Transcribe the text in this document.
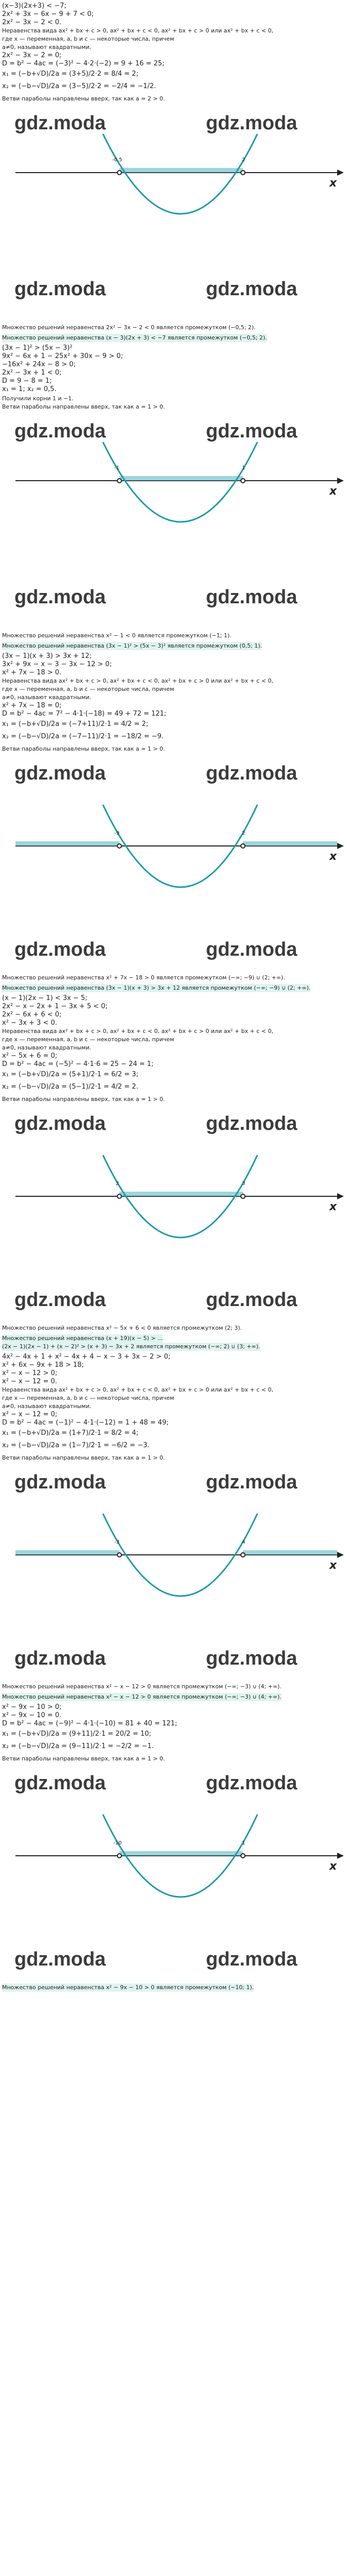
(x−3)(2x+3) < −7;
2x² + 3x − 6x − 9 + 7 < 0;
2x² − 3x − 2 < 0.
Неравенства вида ax² + bx + c > 0, ax² + bx + c < 0, ax² + bx + c > 0 или ax² + bx + c < 0,
где x — переменная, а, b и c — некоторые числа, причем
а≠0, называют квадратными.
2x² − 3x − 2 = 0;
D = b² − 4ac = (−3)² − 4·2·(−2) = 9 + 16 = 25;
x₁ = (−b+√D)/2a = (3+5)/2·2 = 8/4 = 2;
x₂ = (−b−√D)/2a = (3−5)/2·2 = −2/4 = −1/2.
Ветви параболы направлены вверх, так как a = 2 > 0.
gdz.moda	gdz.moda
-0,5	2
x
gdz.moda	gdz.moda
Множество решений неравенства 2x² − 3x − 2 < 0 является промежутком (−0,5; 2).
Множество решений неравенства (x − 3)(2x + 3) < −7 является промежутком (−0,5; 2).
(3x − 1)² > (5x − 3)²
9x² − 6x + 1 − 25x² + 30x − 9 > 0;
−16x² + 24x − 8 > 0;
2x² − 3x + 1 < 0;
D = 9 − 8 = 1;
x₁ = 1; x₂ = 0,5.
Получили корни 1 и −1.
Ветви параболы направлены вверх, так как a = 1 > 0.
gdz.moda	gdz.moda
-1	1
x
gdz.moda	gdz.moda
Множество решений неравенства x² − 1 < 0 является промежутком (−1; 1).
Множество решений неравенства (3x − 1)² > (5x − 3)² является промежутком (0,5; 1).
(3x − 1)(x + 3) > 3x + 12;
3x² + 9x − x − 3 − 3x − 12 > 0;
x² + 7x − 18 > 0.
Неравенства вида ax² + bx + c > 0, ax² + bx + c < 0, ax² + bx + c > 0 или ax² + bx + c < 0,
где x — переменная, а, b и c — некоторые числа, причем
а≠0, называют квадратными.
x² + 7x − 18 = 0;
D = b² − 4ac = 7² − 4·1·(−18) = 49 + 72 = 121;
x₁ = (−b+√D)/2a = (−7+11)/2·1 = 4/2 = 2;
x₂ = (−b−√D)/2a = (−7−11)/2·1 = −18/2 = −9.
Ветви параболы направлены вверх, так как a = 1 > 0.
gdz.moda	gdz.moda
-9	2
x
gdz.moda	gdz.moda
Множество решений неравенства x² + 7x − 18 > 0 является промежутком (−∞; −9) ∪ (2; +∞).
Множество решений неравенства (3x − 1)(x + 3) > 3x + 12 является промежутком (−∞; −9) ∪ (2; +∞).
(x − 1)(2x − 1) < 3x − 5;
2x² − x − 2x + 1 − 3x + 5 < 0;
2x² − 6x + 6 < 0;
x² − 3x + 3 < 0.
Неравенства вида ax² + bx + c > 0, ax² + bx + c < 0, ax² + bx + c > 0 или ax² + bx + c < 0,
где x — переменная, а, b и c — некоторые числа, причем
а≠0, называют квадратными.
x² − 5x + 6 = 0;
D = b² − 4ac = (−5)² − 4·1·6 = 25 − 24 = 1;
x₁ = (−b+√D)/2a = (5+1)/2·1 = 6/2 = 3;
x₂ = (−b−√D)/2a = (5−1)/2·1 = 4/2 = 2.
Ветви параболы направлены вверх, так как a = 1 > 0.
gdz.moda	gdz.moda
2	3
x
gdz.moda	gdz.moda
Множество решений неравенства x² − 5x + 6 < 0 является промежутком (2; 3).
Множество решений неравенства (x + 19)(x − 5) > ...
(2x − 1)(2x − 1) + (x − 2)² > (x + 3) − 3x + 2 является промежутком (−∞; 2) ∪ (3; +∞).
4x² − 4x + 1 + x² − 4x + 4 − x − 3 + 3x − 2 > 0;
x² + 6x − 9x + 18 > 18;
x² − x − 12 > 0;
x² − x − 12 = 0.
Неравенства вида ax² + bx + c > 0, ax² + bx + c < 0, ax² + bx + c > 0 или ax² + bx + c < 0,
где x — переменная, а, b и c — некоторые числа, причем
а≠0, называют квадратными.
x² − x − 12 = 0;
D = b² − 4ac = (−1)² − 4·1·(−12) = 1 + 48 = 49;
x₁ = (−b+√D)/2a = (1+7)/2·1 = 8/2 = 4;
x₂ = (−b−√D)/2a = (1−7)/2·1 = −6/2 = −3.
Ветви параболы направлены вверх, так как a = 1 > 0.
gdz.moda	gdz.moda
-3	4
x
gdz.moda	gdz.moda
Множество решений неравенства x² − x − 12 > 0 является промежутком (−∞; −3) ∪ (4; +∞).
Множество решений неравенства x² − x − 12 > 0 является промежутком (−∞; −3) ∪ (4; +∞).
x² − 9x − 10 > 0;
x² − 9x − 10 = 0.
D = b² − 4ac = (−9)² − 4·1·(−10) = 81 + 40 = 121;
x₁ = (−b+√D)/2a = (9+11)/2·1 = 20/2 = 10;
x₂ = (−b−√D)/2a = (9−11)/2·1 = −2/2 = −1.
Ветви параболы направлены вверх, так как a = 1 > 0.
gdz.moda	gdz.moda
-10	1
x
gdz.moda	gdz.moda
Множество решений неравенства x² − 9x − 10 > 0 является промежутком (−10; 1).
